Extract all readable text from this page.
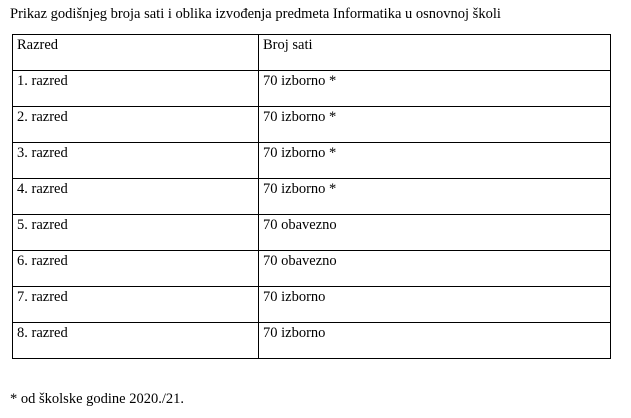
Prikaz godišnjeg broja sati i oblika izvođenja predmeta Informatika u osnovnoj školi
Razred	Broj sati
1. razred	70 izborno *
2. razred	70 izborno *
3. razred	70 izborno *
4. razred	70 izborno *
5. razred	70 obavezno
6. razred	70 obavezno
7. razred	70 izborno
8. razred	70 izborno
* od školske godine 2020./21.
